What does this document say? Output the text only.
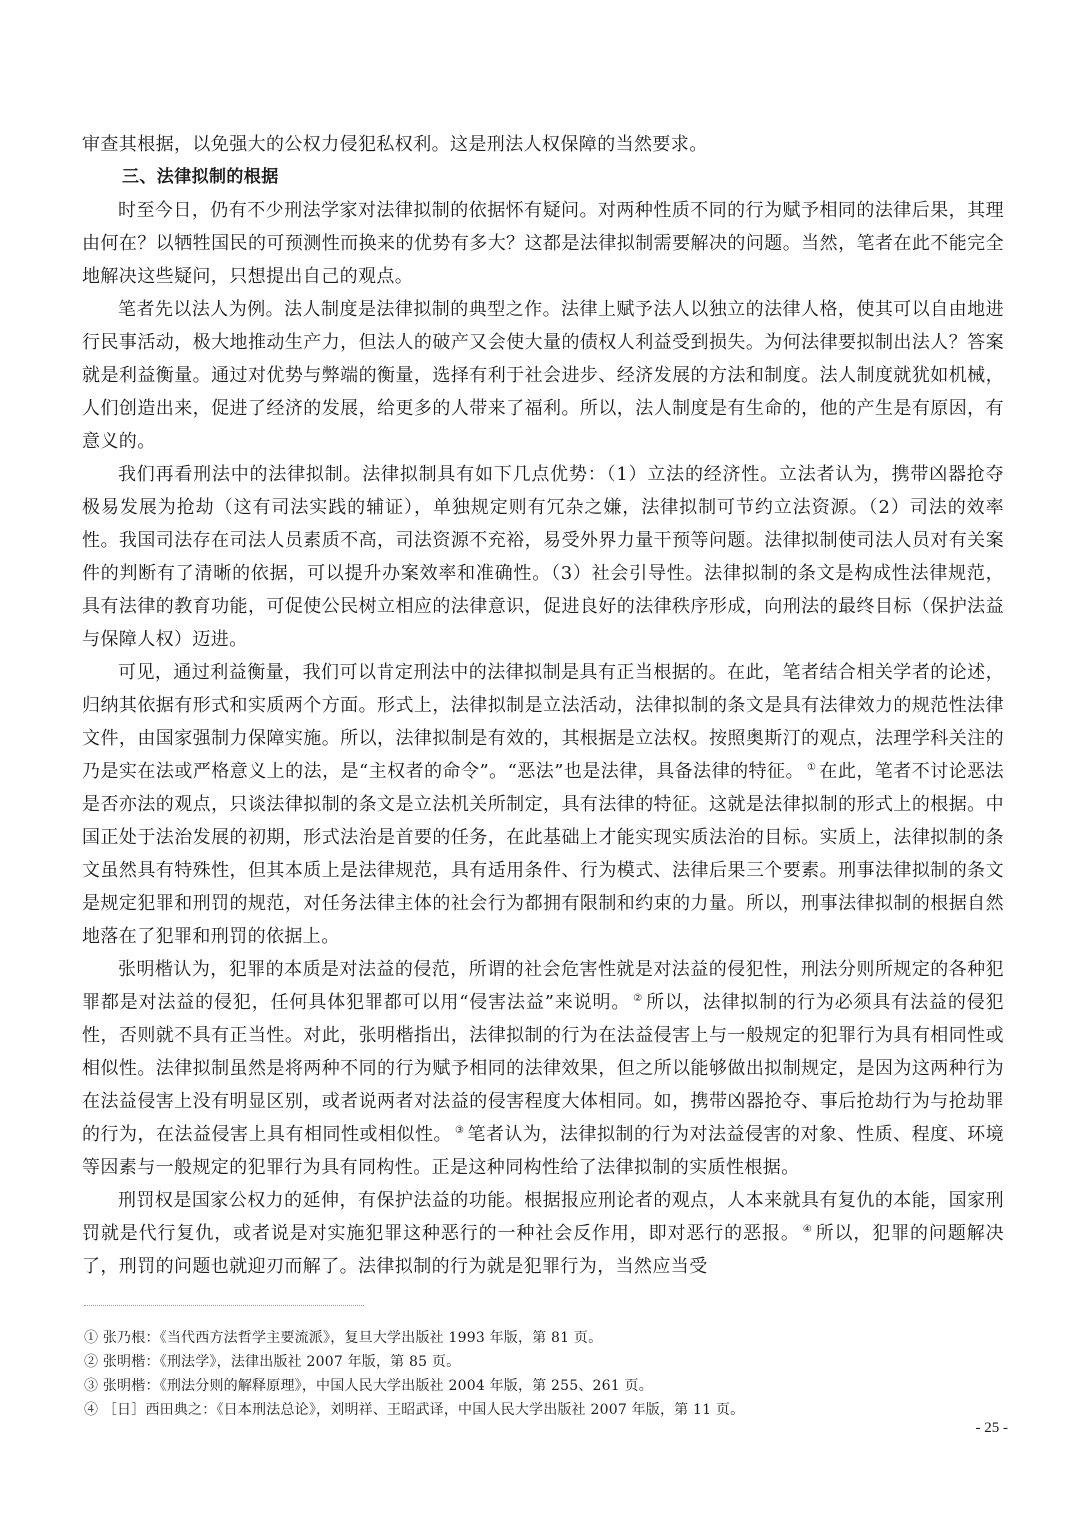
审查其根据，以免强大的公权力侵犯私权利。这是刑法人权保障的当然要求。

三、法律拟制的根据

时至今日，仍有不少刑法学家对法律拟制的依据怀有疑问。对两种性质不同的行为赋予相同的法律后果，其理由何在？以牺牲国民的可预测性而换来的优势有多大？这都是法律拟制需要解决的问题。当然，笔者在此不能完全地解决这些疑问，只想提出自己的观点。

笔者先以法人为例。法人制度是法律拟制的典型之作。法律上赋予法人以独立的法律人格，使其可以自由地进行民事活动，极大地推动生产力，但法人的破产又会使大量的债权人利益受到损失。为何法律要拟制出法人？答案就是利益衡量。通过对优势与弊端的衡量，选择有利于社会进步、经济发展的方法和制度。法人制度就犹如机械，人们创造出来，促进了经济的发展，给更多的人带来了福利。所以，法人制度是有生命的，他的产生是有原因，有意义的。

我们再看刑法中的法律拟制。法律拟制具有如下几点优势：（1）立法的经济性。立法者认为，携带凶器抢夺极易发展为抢劫（这有司法实践的辅证），单独规定则有冗杂之嫌，法律拟制可节约立法资源。（2）司法的效率性。我国司法存在司法人员素质不高，司法资源不充裕，易受外界力量干预等问题。法律拟制使司法人员对有关案件的判断有了清晰的依据，可以提升办案效率和准确性。（3）社会引导性。法律拟制的条文是构成性法律规范，具有法律的教育功能，可促使公民树立相应的法律意识，促进良好的法律秩序形成，向刑法的最终目标（保护法益与保障人权）迈进。

可见，通过利益衡量，我们可以肯定刑法中的法律拟制是具有正当根据的。在此，笔者结合相关学者的论述，归纳其依据有形式和实质两个方面。形式上，法律拟制是立法活动，法律拟制的条文是具有法律效力的规范性法律文件，由国家强制力保障实施。所以，法律拟制是有效的，其根据是立法权。按照奥斯汀的观点，法理学科关注的乃是实在法或严格意义上的法，是“主权者的命令”。“恶法”也是法律，具备法律的特征。 ① 在此，笔者不讨论恶法是否亦法的观点，只谈法律拟制的条文是立法机关所制定，具有法律的特征。这就是法律拟制的形式上的根据。中国正处于法治发展的初期，形式法治是首要的任务，在此基础上才能实现实质法治的目标。实质上，法律拟制的条文虽然具有特殊性，但其本质上是法律规范，具有适用条件、行为模式、法律后果三个要素。刑事法律拟制的条文是规定犯罪和刑罚的规范，对任务法律主体的社会行为都拥有限制和约束的力量。所以，刑事法律拟制的根据自然地落在了犯罪和刑罚的依据上。

张明楷认为，犯罪的本质是对法益的侵范，所谓的社会危害性就是对法益的侵犯性，刑法分则所规定的各种犯罪都是对法益的侵犯，任何具体犯罪都可以用“侵害法益”来说明。 ② 所以，法律拟制的行为必须具有法益的侵犯性，否则就不具有正当性。对此，张明楷指出，法律拟制的行为在法益侵害上与一般规定的犯罪行为具有相同性或相似性。法律拟制虽然是将两种不同的行为赋予相同的法律效果，但之所以能够做出拟制规定，是因为这两种行为在法益侵害上没有明显区别，或者说两者对法益的侵害程度大体相同。如，携带凶器抢夺、事后抢劫行为与抢劫罪的行为，在法益侵害上具有相同性或相似性。 ③ 笔者认为，法律拟制的行为对法益侵害的对象、性质、程度、环境等因素与一般规定的犯罪行为具有同构性。正是这种同构性给了法律拟制的实质性根据。

刑罚权是国家公权力的延伸，有保护法益的功能。根据报应刑论者的观点，人本来就具有复仇的本能，国家刑罚就是代行复仇，或者说是对实施犯罪这种恶行的一种社会反作用，即对恶行的恶报。 ④ 所以，犯罪的问题解决了，刑罚的问题也就迎刃而解了。法律拟制的行为就是犯罪行为，当然应当受

① 张乃根：《当代西方法哲学主要流派》，复旦大学出版社 1993 年版，第 81 页。
② 张明楷：《刑法学》，法律出版社 2007 年版，第 85 页。
③ 张明楷：《刑法分则的解释原理》，中国人民大学出版社 2004 年版，第 255、261 页。
④ ［日］西田典之：《日本刑法总论》，刘明祥、王昭武译，中国人民大学出版社 2007 年版，第 11 页。
- 25 -
